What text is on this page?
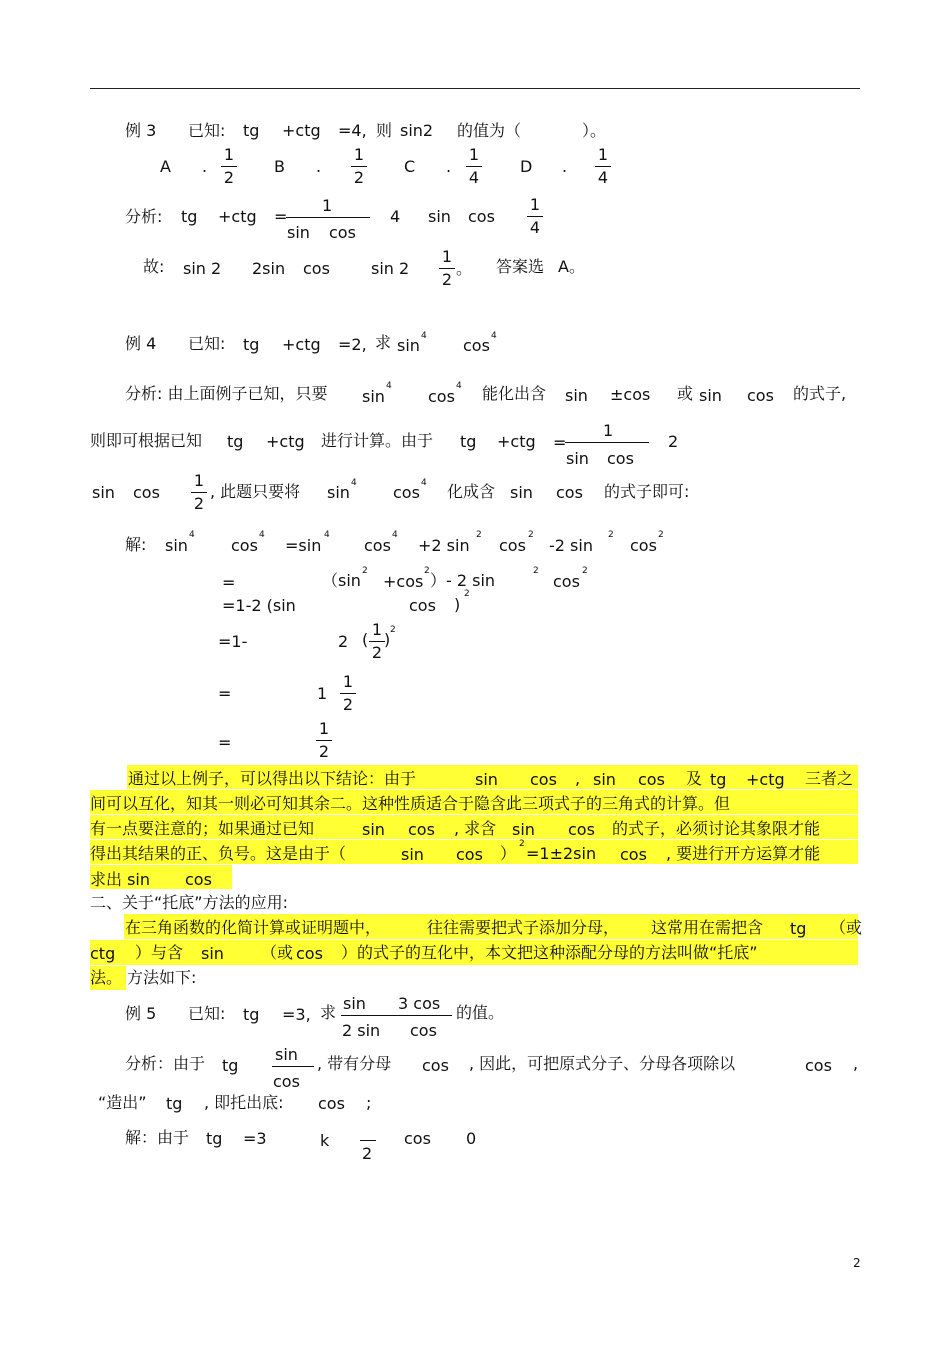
例 3 已知: tg +ctg =4, 则 sin2 的值为（	）。
A .
1
2
B .
1
2
C .
1
4
D .
1
4
分析: tg +ctg =
1
sin cos
4 sin cos
1
4
故: sin 2 2sin cos	sin 2
1
2
。 答案选 A。
例 4 已知: tg +ctg =2, 求 sin 4 cos 4
分析: 由上面例子已知，只要 sin
4
cos
4 能化出含 sin ±cos 或 sin cos 的式子,
则即可根据已知 tg +ctg 进行计算。由于 tg +ctg =
1
sin cos
2
sin cos
1
2
, 此题只要将 sin 4 cos 4 化成含 sin cos 的式子即可:
解: sin
4
cos
4
=sin
4
cos
4
+2 sin
2
cos
2
-2 sin
2
cos
2
=	（sin 2
+cos
2 ）- 2 sin	2
cos
2
=1-2 (sin	cos )
2
=1-	2 (
1
2
) 2
=	1
1
2
=
1
2
通过以上例子，可以得出以下结论：由于	sin cos , sin cos 及 tg +ctg 三者之
间可以互化，知其一则必可知其余二。这种性质适合于隐含此三项式子的三角式的计算。但
有一点要注意的；如果通过已知	sin cos , 求含 sin cos 的式子，必须讨论其象限才能
得出其结果的正、负号。这是由于（	sin cos ） 2 =1±2sin cos , 要进行开方运算才能
求出 sin cos
二、关于“托底”方法的应用:
在三角函数的化简计算或证明题中，	往往需要把式子添加分母， 这常用在需把含 tg （或
ctg ）与含 sin （或 cos ）的式子的互化中，本文把这种添配分母的方法叫做“托底”
法。 方法如下:
例 5 已知: tg =3, 求 sin 3 cos
2 sin cos
的值。
分析：由于 tg
sin
cos
, 带有分母 cos , 因此，可把原式分子、分母各项除以	cos ,
“造出” tg , 即托出底: cos ;
解：由于 tg =3	k
2
cos 0
2
